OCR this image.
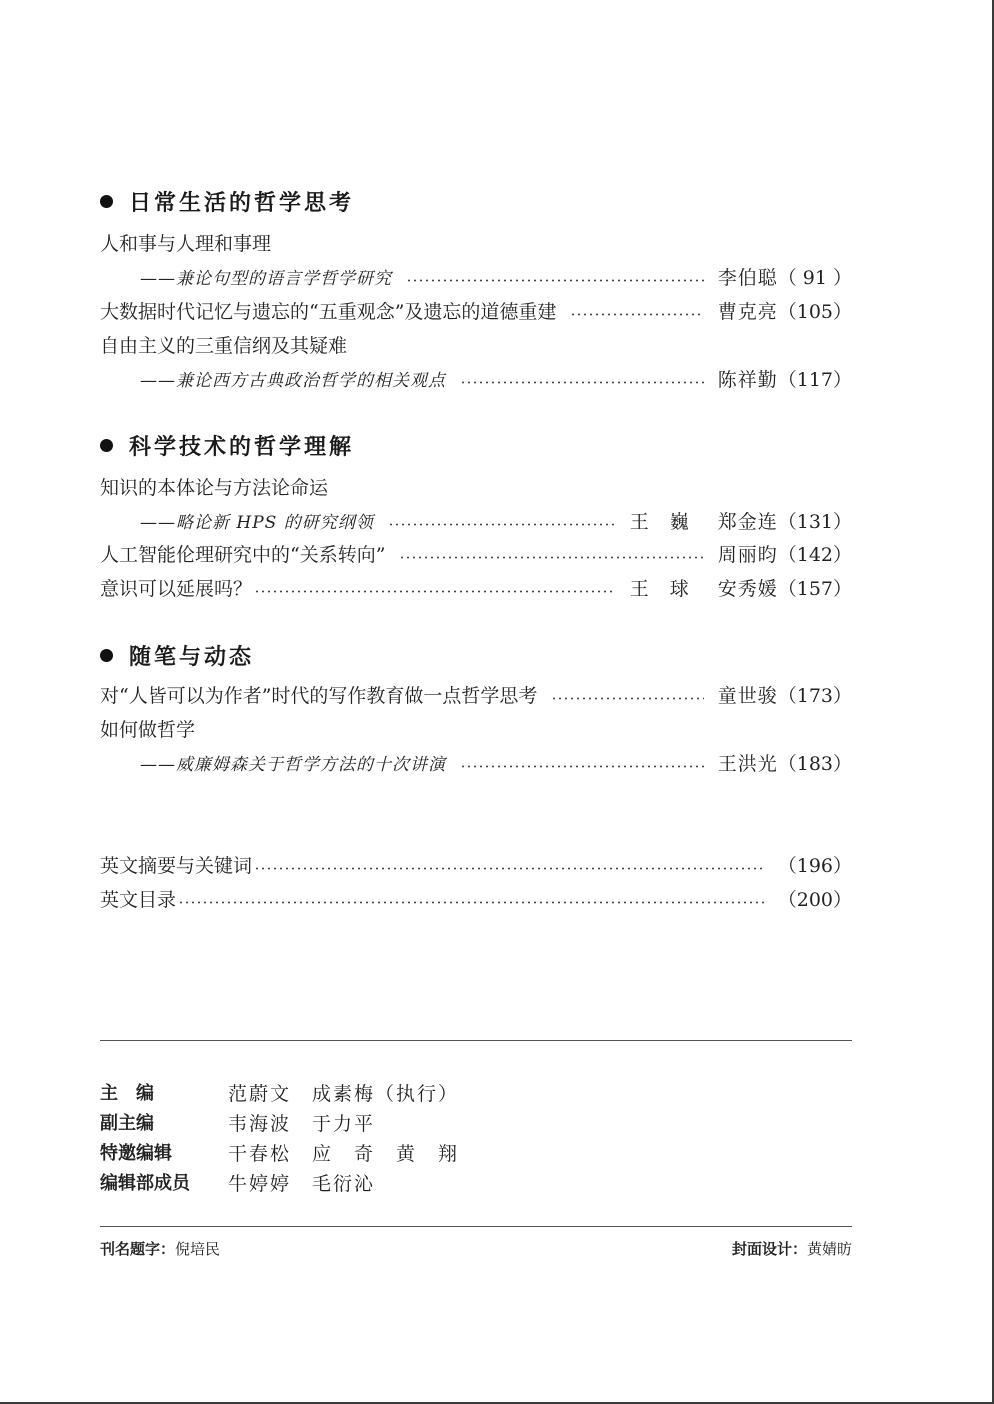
日常生活的哲学思考
人和事与人理和事理
——兼论句型的语言学哲学研究	李伯聪 （ 91 ）
大数据时代记忆与遗忘的“五重观念”及遗忘的道德重建	曹克亮 （105）
自由主义的三重信纲及其疑难
——兼论西方古典政治哲学的相关观点	陈祥勤 （117）
科学技术的哲学理解
知识的本体论与方法论命运
——略论新 HPS 的研究纲领	王　巍 郑金连 （131）
人工智能伦理研究中的“关系转向”	周丽昀 （142）
意识可以延展吗？	王　球 安秀媛 （157）
随笔与动态
对“人皆可以为作者”时代的写作教育做一点哲学思考	童世骏 （173）
如何做哲学
——威廉姆森关于哲学方法的十次讲演	王洪光 （183）
英文摘要与关键词	（196）
英文目录	（200）
主　编	范蔚文　成素梅（执行）
副主编	韦海波　于力平
特邀编辑	干春松　应　奇　黄　翔
编辑部成员	牛婷婷　毛衍沁
刊名题字：倪培民	封面设计：黄婧昉
